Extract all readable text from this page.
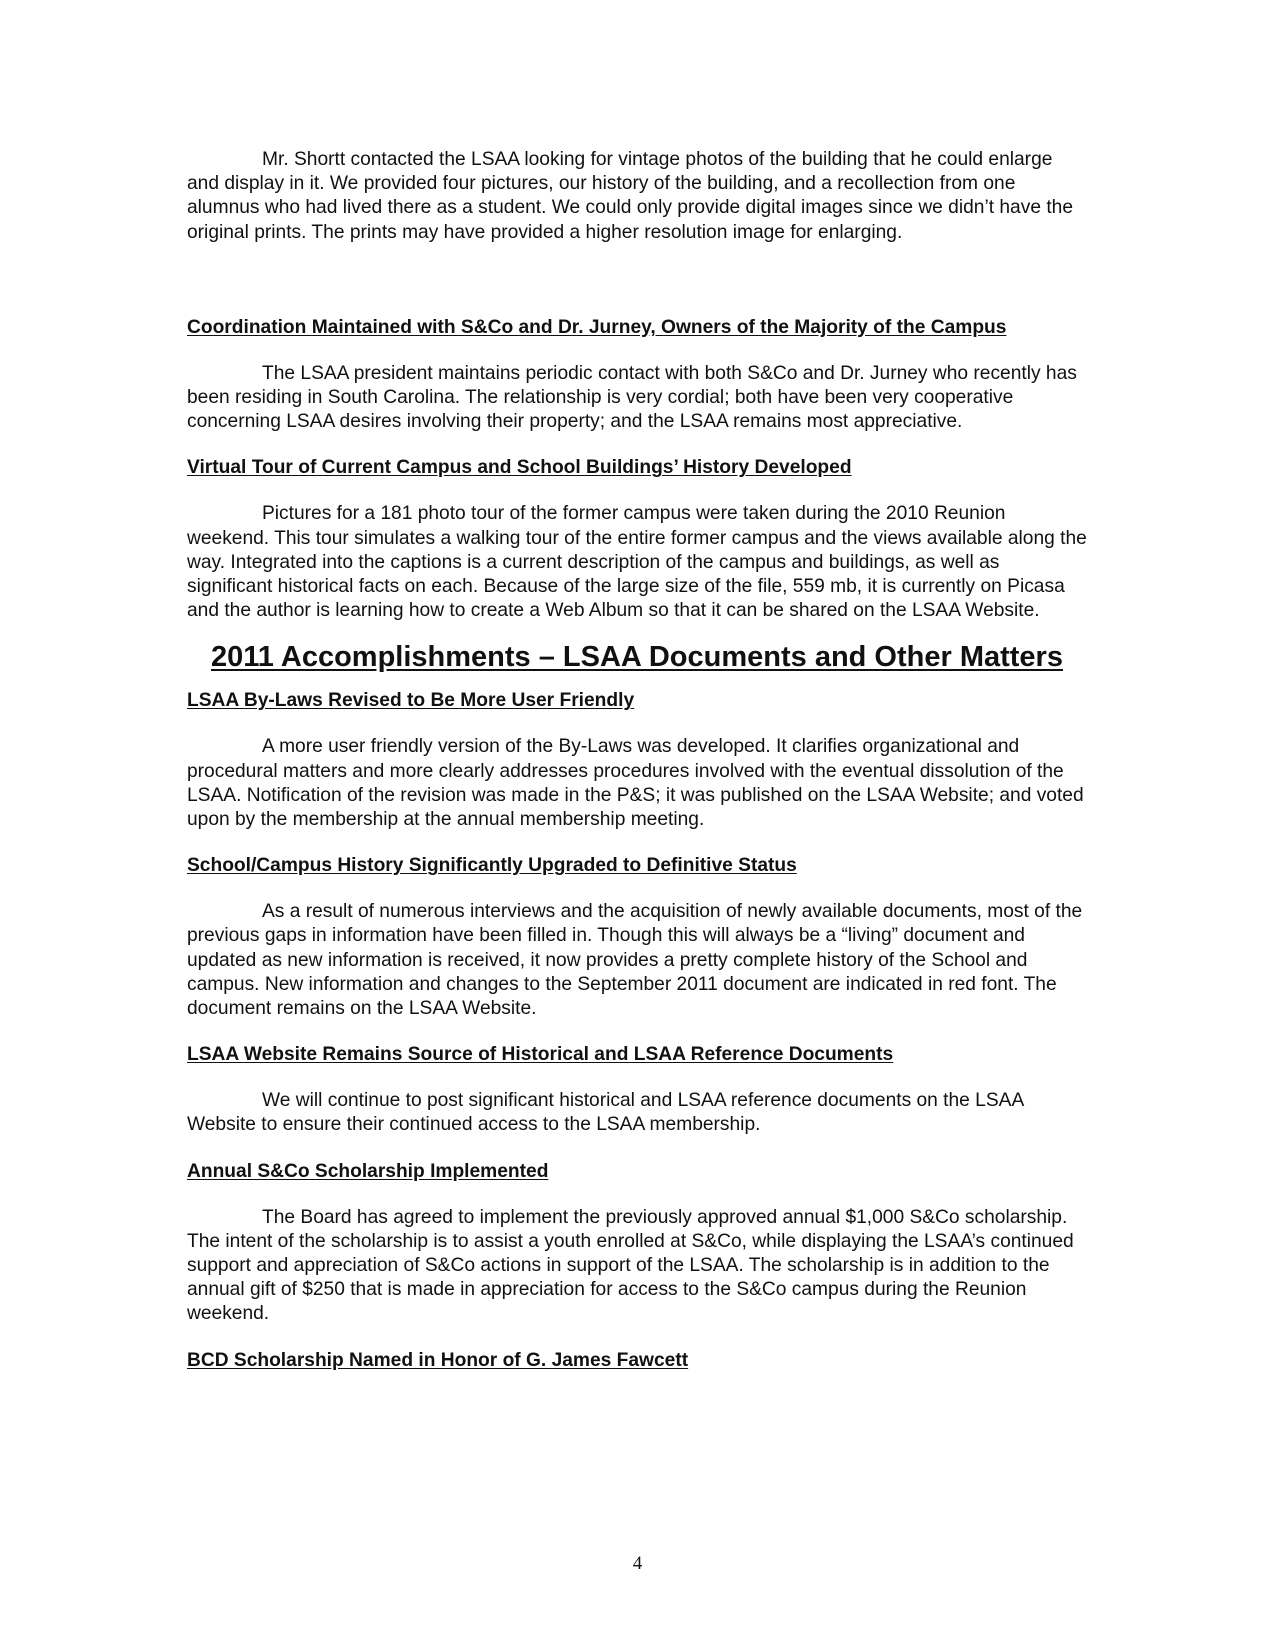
Mr. Shortt contacted the LSAA looking for vintage photos of the building that he could enlarge and display in it. We provided four pictures, our history of the building, and a recollection from one alumnus who had lived there as a student. We could only provide digital images since we didn’t have the original prints. The prints may have provided a higher resolution image for enlarging.

Coordination Maintained with S&Co and Dr. Jurney, Owners of the Majority of the Campus

The LSAA president maintains periodic contact with both S&Co and Dr. Jurney who recently has been residing in South Carolina. The relationship is very cordial; both have been very cooperative concerning LSAA desires involving their property; and the LSAA remains most appreciative.

Virtual Tour of Current Campus and School Buildings’ History Developed

Pictures for a 181 photo tour of the former campus were taken during the 2010 Reunion weekend. This tour simulates a walking tour of the entire former campus and the views available along the way. Integrated into the captions is a current description of the campus and buildings, as well as significant historical facts on each. Because of the large size of the file, 559 mb, it is currently on Picasa and the author is learning how to create a Web Album so that it can be shared on the LSAA Website.

2011 Accomplishments – LSAA Documents and Other Matters
LSAA By-Laws Revised to Be More User Friendly

A more user friendly version of the By-Laws was developed. It clarifies organizational and procedural matters and more clearly addresses procedures involved with the eventual dissolution of the LSAA. Notification of the revision was made in the P&S; it was published on the LSAA Website; and voted upon by the membership at the annual membership meeting.

School/Campus History Significantly Upgraded to Definitive Status

As a result of numerous interviews and the acquisition of newly available documents, most of the previous gaps in information have been filled in. Though this will always be a “living” document and updated as new information is received, it now provides a pretty complete history of the School and campus. New information and changes to the September 2011 document are indicated in red font. The document remains on the LSAA Website.

LSAA Website Remains Source of Historical and LSAA Reference Documents

We will continue to post significant historical and LSAA reference documents on the LSAA Website to ensure their continued access to the LSAA membership.

Annual S&Co Scholarship Implemented

The Board has agreed to implement the previously approved annual $1,000 S&Co scholarship. The intent of the scholarship is to assist a youth enrolled at S&Co, while displaying the LSAA’s continued support and appreciation of S&Co actions in support of the LSAA. The scholarship is in addition to the annual gift of $250 that is made in appreciation for access to the S&Co campus during the Reunion weekend.

BCD Scholarship Named in Honor of G. James Fawcett
4
